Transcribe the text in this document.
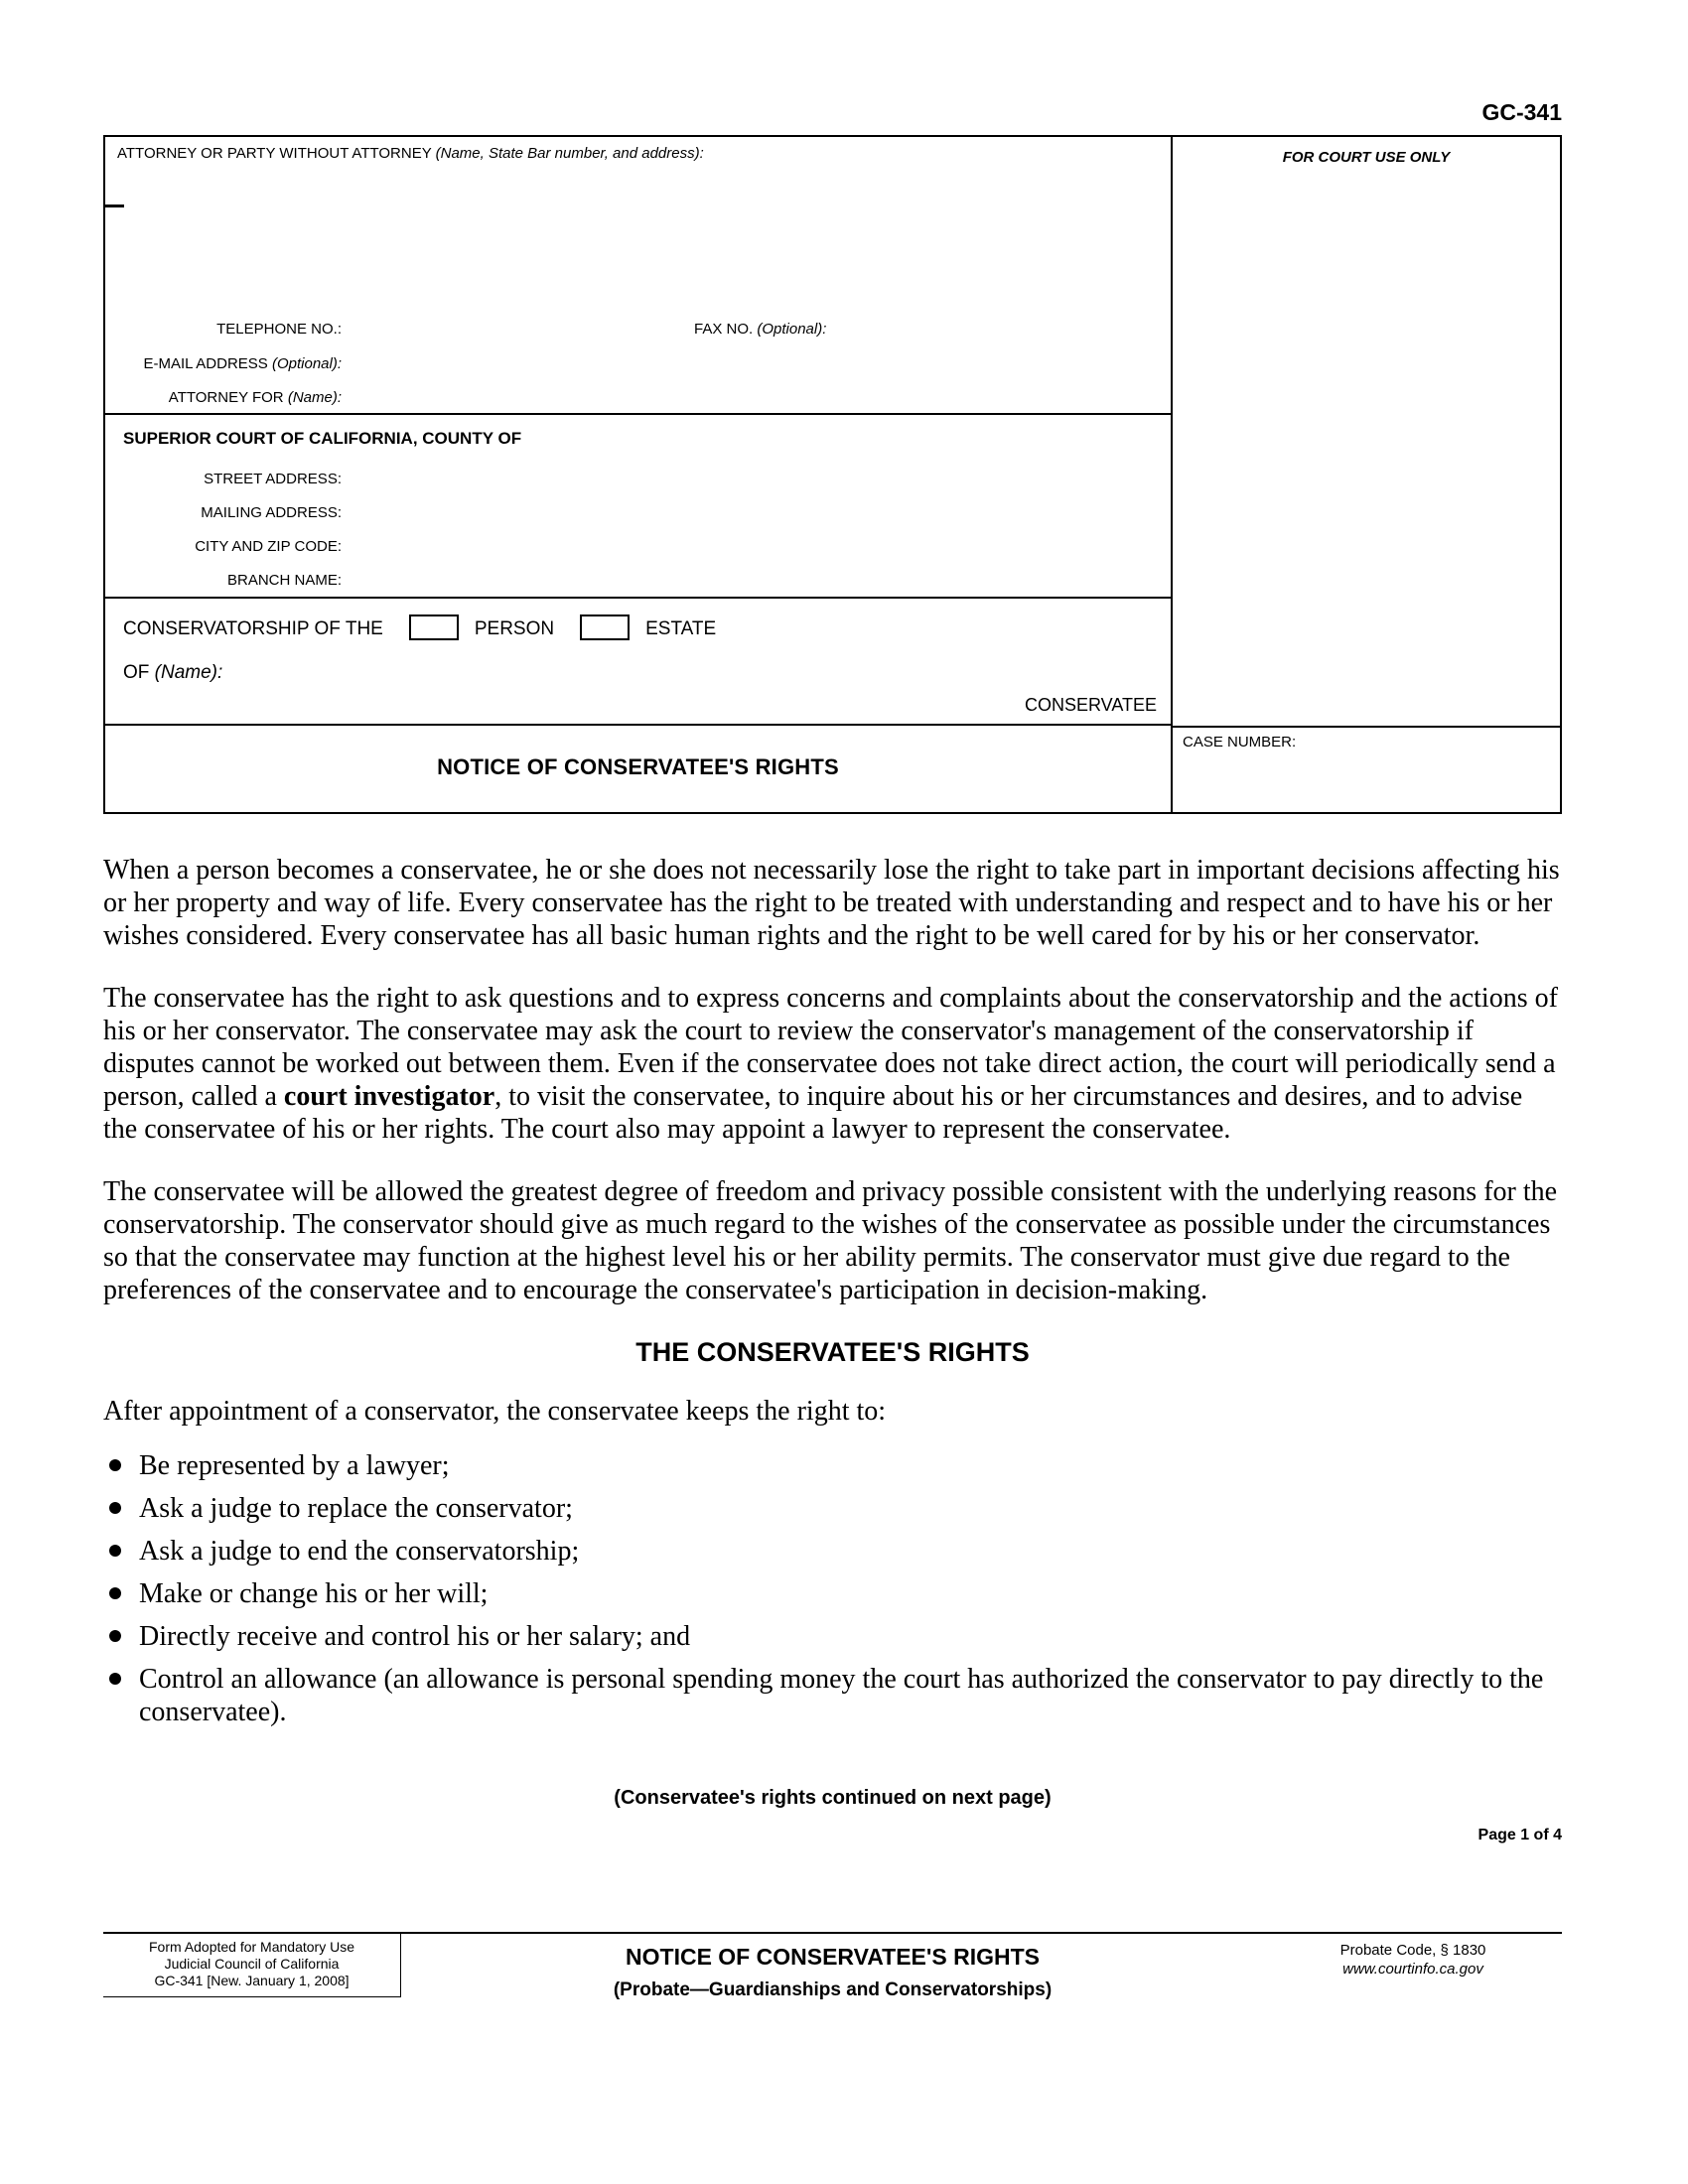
GC-341
ATTORNEY OR PARTY WITHOUT ATTORNEY (Name, State Bar number, and address):
TELEPHONE NO.:	FAX NO. (Optional):
E-MAIL ADDRESS (Optional):
ATTORNEY FOR (Name):
SUPERIOR COURT OF CALIFORNIA, COUNTY OF
STREET ADDRESS:
MAILING ADDRESS:
CITY AND ZIP CODE:
BRANCH NAME:
CONSERVATORSHIP OF THE	PERSON	ESTATE
OF (Name):
CONSERVATEE
NOTICE OF CONSERVATEE'S RIGHTS
FOR COURT USE ONLY
CASE NUMBER:

When a person becomes a conservatee, he or she does not necessarily lose the right to take part in important decisions affecting his or her property and way of life. Every conservatee has the right to be treated with understanding and respect and to have his or her wishes considered. Every conservatee has all basic human rights and the right to be well cared for by his or her conservator.

The conservatee has the right to ask questions and to express concerns and complaints about the conservatorship and the actions of his or her conservator. The conservatee may ask the court to review the conservator's management of the conservatorship if disputes cannot be worked out between them. Even if the conservatee does not take direct action, the court will periodically send a person, called a court investigator, to visit the conservatee, to inquire about his or her circumstances and desires, and to advise the conservatee of his or her rights. The court also may appoint a lawyer to represent the conservatee.

The conservatee will be allowed the greatest degree of freedom and privacy possible consistent with the underlying reasons for the conservatorship. The conservator should give as much regard to the wishes of the conservatee as possible under the circumstances so that the conservatee may function at the highest level his or her ability permits. The conservator must give due regard to the preferences of the conservatee and to encourage the conservatee's participation in decision-making.

THE CONSERVATEE'S RIGHTS
After appointment of a conservator, the conservatee keeps the right to:
Be represented by a lawyer;
Ask a judge to replace the conservator;
Ask a judge to end the conservatorship;
Make or change his or her will;
Directly receive and control his or her salary; and
Control an allowance (an allowance is personal spending money the court has authorized the conservator to pay directly to the conservatee).
(Conservatee's rights continued on next page)
Page 1 of 4
Form Adopted for Mandatory Use
Judicial Council of California
GC-341 [New. January 1, 2008]
NOTICE OF CONSERVATEE'S RIGHTS
(Probate—Guardianships and Conservatorships)
Probate Code, § 1830
www.courtinfo.ca.gov
